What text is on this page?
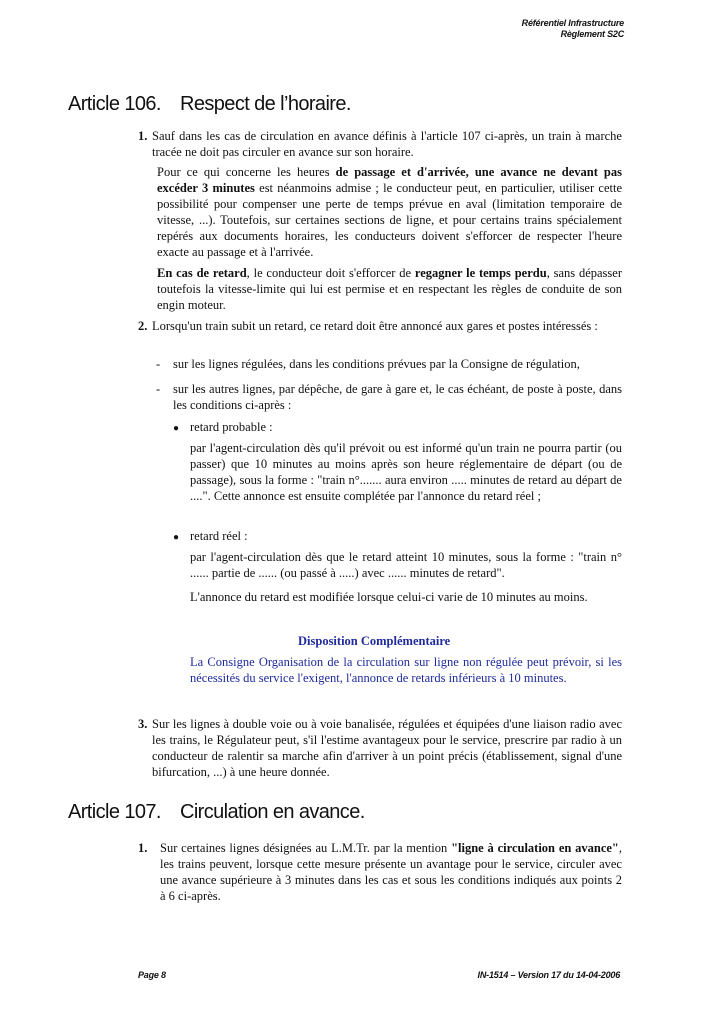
Référentiel Infrastructure
Règlement S2C
Article 106. Respect de l’horaire.
1. Sauf dans les cas de circulation en avance définis à l'article 107 ci-après, un train à marche tracée ne doit pas circuler en avance sur son horaire.

Pour ce qui concerne les heures de passage et d'arrivée, une avance ne devant pas excéder 3 minutes est néanmoins admise ; le conducteur peut, en particulier, utiliser cette possibilité pour compenser une perte de temps prévue en aval (limitation temporaire de vitesse, ...). Toutefois, sur certaines sections de ligne, et pour certains trains spécialement repérés aux documents horaires, les conducteurs doivent s'efforcer de respecter l'heure exacte au passage et à l'arrivée.

En cas de retard, le conducteur doit s'efforcer de regagner le temps perdu, sans dépasser toutefois la vitesse-limite qui lui est permise et en respectant les règles de conduite de son engin moteur.

2. Lorsqu'un train subit un retard, ce retard doit être annoncé aux gares et postes intéressés :

- sur les lignes régulées, dans les conditions prévues par la Consigne de régulation,

- sur les autres lignes, par dépêche, de gare à gare et, le cas échéant, de poste à poste, dans les conditions ci-après :

● retard probable :

par l'agent-circulation dès qu'il prévoit ou est informé qu'un train ne pourra partir (ou passer) que 10 minutes au moins après son heure réglementaire de départ (ou de passage), sous la forme : "train n°....... aura environ ..... minutes de retard au départ de ....". Cette annonce est ensuite complétée par l'annonce du retard réel ;

● retard réel :

par l'agent-circulation dès que le retard atteint 10 minutes, sous la forme : "train n° ...... partie de ...... (ou passé à .....) avec ...... minutes de retard".

L'annonce du retard est modifiée lorsque celui-ci varie de 10 minutes au moins.

Disposition Complémentaire

La Consigne Organisation de la circulation sur ligne non régulée peut prévoir, si les nécessités du service l'exigent, l'annonce de retards inférieurs à 10 minutes.

3. Sur les lignes à double voie ou à voie banalisée, régulées et équipées d'une liaison radio avec les trains, le Régulateur peut, s'il l'estime avantageux pour le service, prescrire par radio à un conducteur de ralentir sa marche afin d'arriver à un point précis (établissement, signal d'une bifurcation, ...) à une heure donnée.

Article 107. Circulation en avance.
1. Sur certaines lignes désignées au L.M.Tr. par la mention "ligne à circulation en avance", les trains peuvent, lorsque cette mesure présente un avantage pour le service, circuler avec une avance supérieure à 3 minutes dans les cas et sous les conditions indiqués aux points 2 à 6 ci-après.

Page 8	IN-1514 – Version 17 du 14-04-2006
